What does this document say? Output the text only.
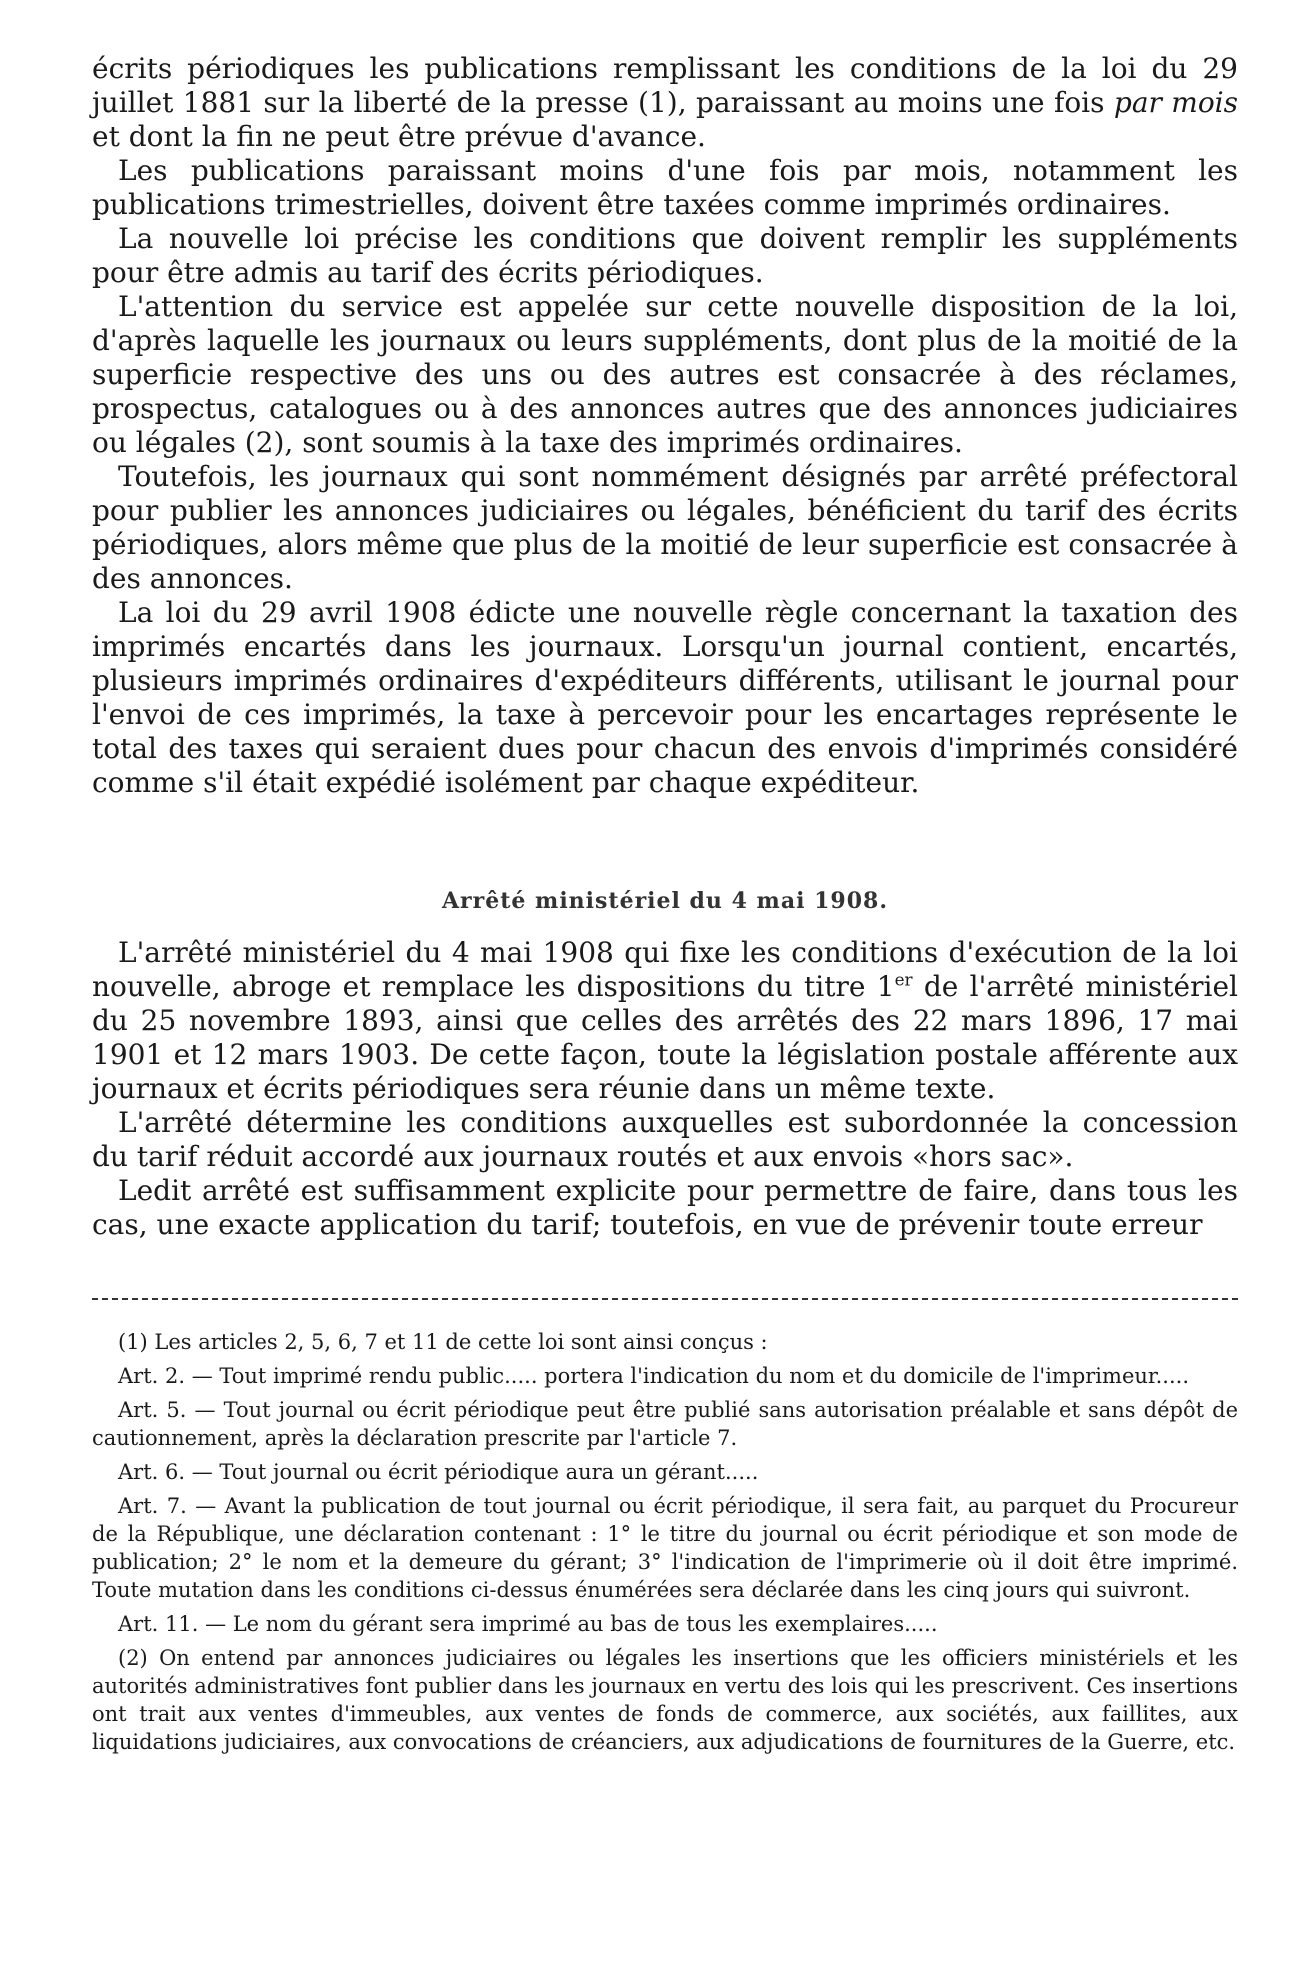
écrits périodiques les publications remplissant les conditions de la loi du 29 juillet 1881 sur la liberté de la presse (1), paraissant au moins une fois par mois et dont la fin ne peut être prévue d'avance.

Les publications paraissant moins d'une fois par mois, notamment les publications trimestrielles, doivent être taxées comme imprimés ordinaires.

La nouvelle loi précise les conditions que doivent remplir les suppléments pour être admis au tarif des écrits périodiques.

L'attention du service est appelée sur cette nouvelle disposition de la loi, d'après laquelle les journaux ou leurs suppléments, dont plus de la moitié de la superficie respective des uns ou des autres est consacrée à des réclames, prospectus, catalogues ou à des annonces autres que des annonces judiciaires ou légales (2), sont soumis à la taxe des imprimés ordinaires.

Toutefois, les journaux qui sont nommément désignés par arrêté préfectoral pour publier les annonces judiciaires ou légales, bénéficient du tarif des écrits périodiques, alors même que plus de la moitié de leur superficie est consacrée à des annonces.

La loi du 29 avril 1908 édicte une nouvelle règle concernant la taxation des imprimés encartés dans les journaux. Lorsqu'un journal contient, encartés, plusieurs imprimés ordinaires d'expéditeurs différents, utilisant le journal pour l'envoi de ces imprimés, la taxe à percevoir pour les encartages représente le total des taxes qui seraient dues pour chacun des envois d'imprimés considéré comme s'il était expédié isolément par chaque expéditeur.

Arrêté ministériel du 4 mai 1908.

L'arrêté ministériel du 4 mai 1908 qui fixe les conditions d'exécution de la loi nouvelle, abroge et remplace les dispositions du titre 1er de l'arrêté ministériel du 25 novembre 1893, ainsi que celles des arrêtés des 22 mars 1896, 17 mai 1901 et 12 mars 1903. De cette façon, toute la législation postale afférente aux journaux et écrits périodiques sera réunie dans un même texte.

L'arrêté détermine les conditions auxquelles est subordonnée la concession du tarif réduit accordé aux journaux routés et aux envois «hors sac».

Ledit arrêté est suffisamment explicite pour permettre de faire, dans tous les cas, une exacte application du tarif; toutefois, en vue de prévenir toute erreur

(1) Les articles 2, 5, 6, 7 et 11 de cette loi sont ainsi conçus :

Art. 2. — Tout imprimé rendu public..... portera l'indication du nom et du domicile de l'imprimeur.....

Art. 5. — Tout journal ou écrit périodique peut être publié sans autorisation préalable et sans dépôt de cautionnement, après la déclaration prescrite par l'article 7.

Art. 6. — Tout journal ou écrit périodique aura un gérant.....

Art. 7. — Avant la publication de tout journal ou écrit périodique, il sera fait, au parquet du Procureur de la République, une déclaration contenant : 1° le titre du journal ou écrit périodique et son mode de publication; 2° le nom et la demeure du gérant; 3° l'indication de l'imprimerie où il doit être imprimé. Toute mutation dans les conditions ci-dessus énumérées sera déclarée dans les cinq jours qui suivront.

Art. 11. — Le nom du gérant sera imprimé au bas de tous les exemplaires.....

(2) On entend par annonces judiciaires ou légales les insertions que les officiers ministériels et les autorités administratives font publier dans les journaux en vertu des lois qui les prescrivent. Ces insertions ont trait aux ventes d'immeubles, aux ventes de fonds de commerce, aux sociétés, aux faillites, aux liquidations judiciaires, aux convocations de créanciers, aux adjudications de fournitures de la Guerre, etc.
